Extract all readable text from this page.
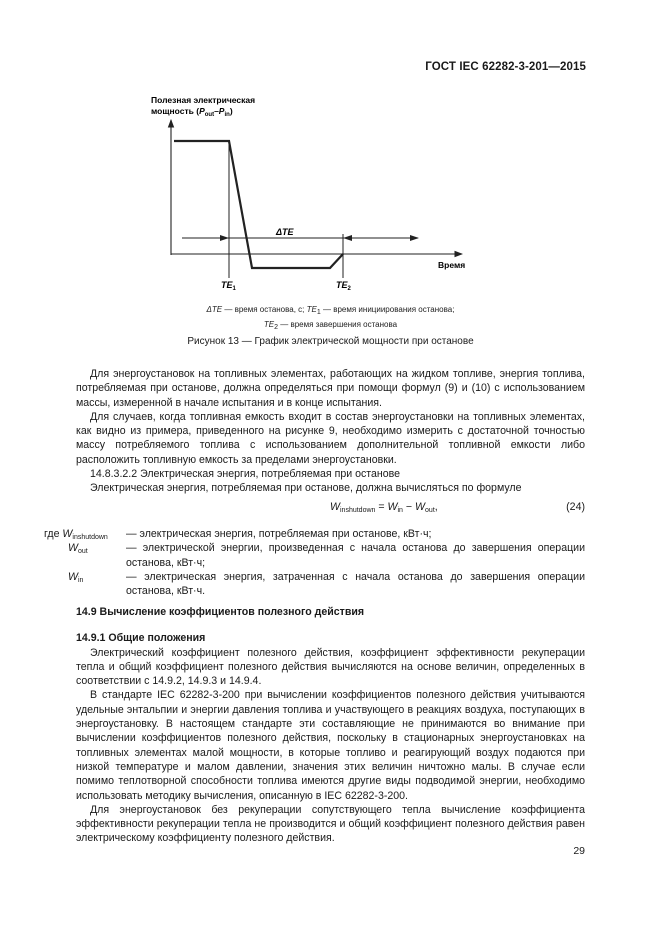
ГОСТ IEC 62282-3-201—2015
Полезная электрическая
мощность $(P_{out}-P_{in})$
Время
ΔTE
$TE_1$	$TE_2$
ΔTE — время останова, с; $TE_1$ — время инициирования останова;
$TE_2$ — время завершения останова
Рисунок 13 — График электрической мощности при останове

Для энергоустановок на топливных элементах, работающих на жидком топливе, энергия топлива, потребляемая при останове, должна определяться при помощи формул (9) и (10) с использованием массы, измеренной в начале испытания и в конце испытания.

Для случаев, когда топливная емкость входит в состав энергоустановки на топливных элементах, как видно из примера, приведенного на рисунке 9, необходимо измерить с достаточной точностью массу потребляемого топлива с использованием дополнительной топливной емкости либо расположить топливную емкость за пределами энергоустановки.

14.8.3.2.2 Электрическая энергия, потребляемая при останове

Электрическая энергия, потребляемая при останове, должна вычисляться по формуле

$W_{inshutdown} = W_{in} - W_{out}$,	(24)
где $W_{inshutdown}$ — электрическая энергия, потребляемая при останове, кВт·ч;
$W_{out}$	— электрической энергии, произведенная с начала останова до завершения операции останова, кВт·ч;
$W_{in}$	— электрическая энергия, затраченная с начала останова до завершения операции останова, кВт·ч.

14.9 Вычисление коэффициентов полезного действия

14.9.1 Общие положения

Электрический коэффициент полезного действия, коэффициент эффективности рекуперации тепла и общий коэффициент полезного действия вычисляются на основе величин, определенных в соответствии с 14.9.2, 14.9.3 и 14.9.4.

В стандарте IEC 62282-3-200 при вычислении коэффициентов полезного действия учитываются удельные энтальпии и энергии давления топлива и участвующего в реакциях воздуха, поступающих в энергоустановку. В настоящем стандарте эти составляющие не принимаются во внимание при вычислении коэффициентов полезного действия, поскольку в стационарных энергоустановках на топливных элементах малой мощности, в которые топливо и реагирующий воздух подаются при низкой температуре и малом давлении, значения этих величин ничтожно малы. В случае если помимо теплотворной способности топлива имеются другие виды подводимой энергии, необходимо использовать методику вычисления, описанную в IEC 62282-3-200.

Для энергоустановок без рекуперации сопутствующего тепла вычисление коэффициента эффективности рекуперации тепла не производится и общий коэффициент полезного действия равен электрическому коэффициенту полезного действия.

29
